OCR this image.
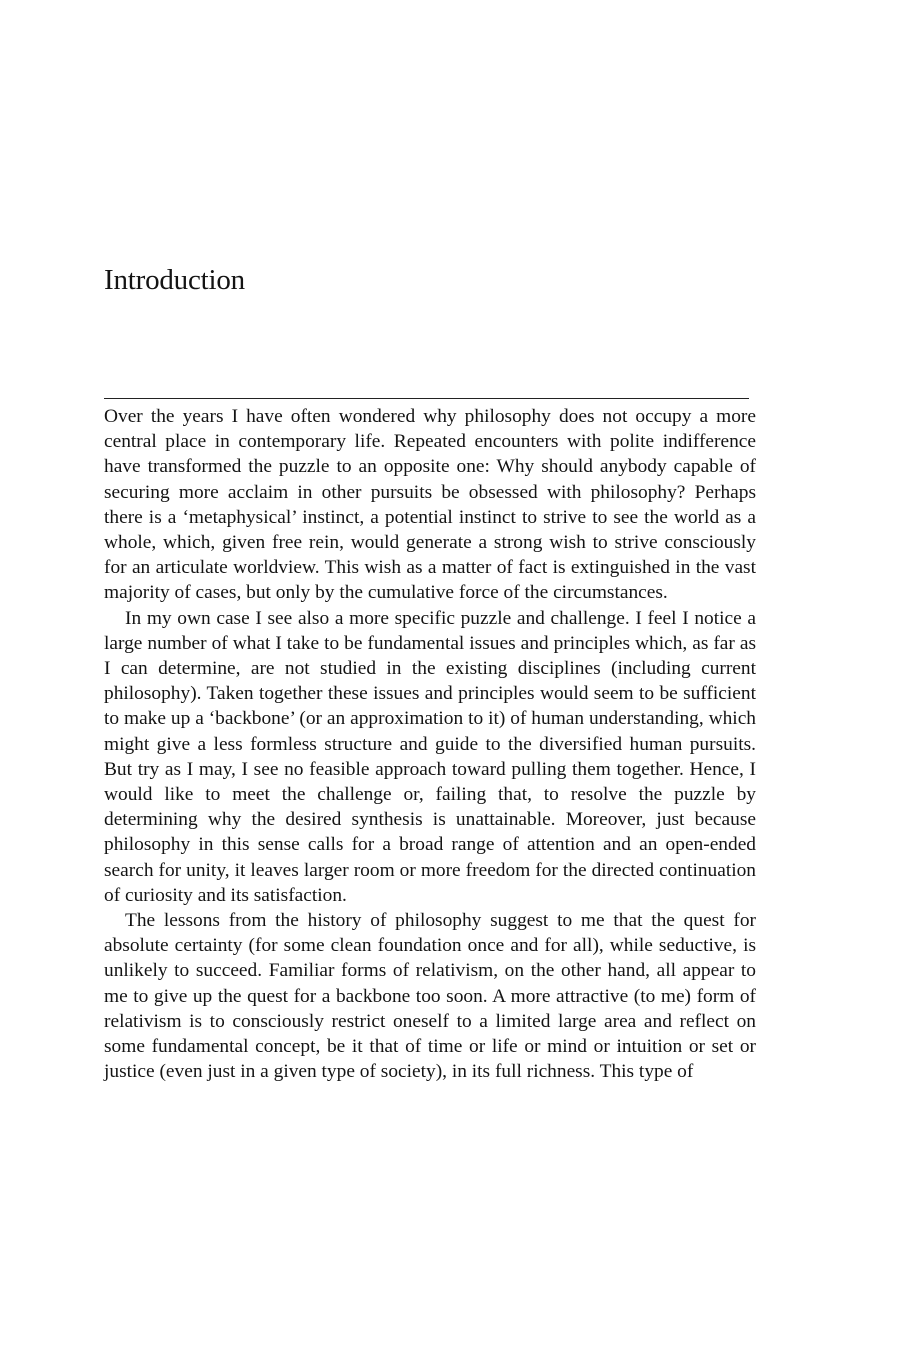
Introduction

Over the years I have often wondered why philosophy does not occupy a more central place in contemporary life. Repeated encounters with polite indifference have transformed the puzzle to an opposite one: Why should anybody capable of securing more acclaim in other pursuits be obsessed with philosophy? Perhaps there is a ‘metaphysical’ instinct, a potential instinct to strive to see the world as a whole, which, given free rein, would generate a strong wish to strive consciously for an articulate worldview. This wish as a matter of fact is extinguished in the vast majority of cases, but only by the cumulative force of the circumstances.

In my own case I see also a more specific puzzle and challenge. I feel I notice a large number of what I take to be fundamental issues and principles which, as far as I can determine, are not studied in the existing disciplines (including current philosophy). Taken together these issues and principles would seem to be sufficient to make up a ‘backbone’ (or an approximation to it) of human understanding, which might give a less formless structure and guide to the diversified human pursuits. But try as I may, I see no feasible approach toward pulling them together. Hence, I would like to meet the challenge or, failing that, to resolve the puzzle by determining why the desired synthesis is unattainable. Moreover, just because philosophy in this sense calls for a broad range of attention and an open-ended search for unity, it leaves larger room or more freedom for the directed continuation of curiosity and its satisfaction.

The lessons from the history of philosophy suggest to me that the quest for absolute certainty (for some clean foundation once and for all), while seductive, is unlikely to succeed. Familiar forms of relativism, on the other hand, all appear to me to give up the quest for a backbone too soon. A more attractive (to me) form of relativism is to consciously restrict oneself to a limited large area and reflect on some fundamental concept, be it that of time or life or mind or intuition or set or justice (even just in a given type of society), in its full richness. This type of
